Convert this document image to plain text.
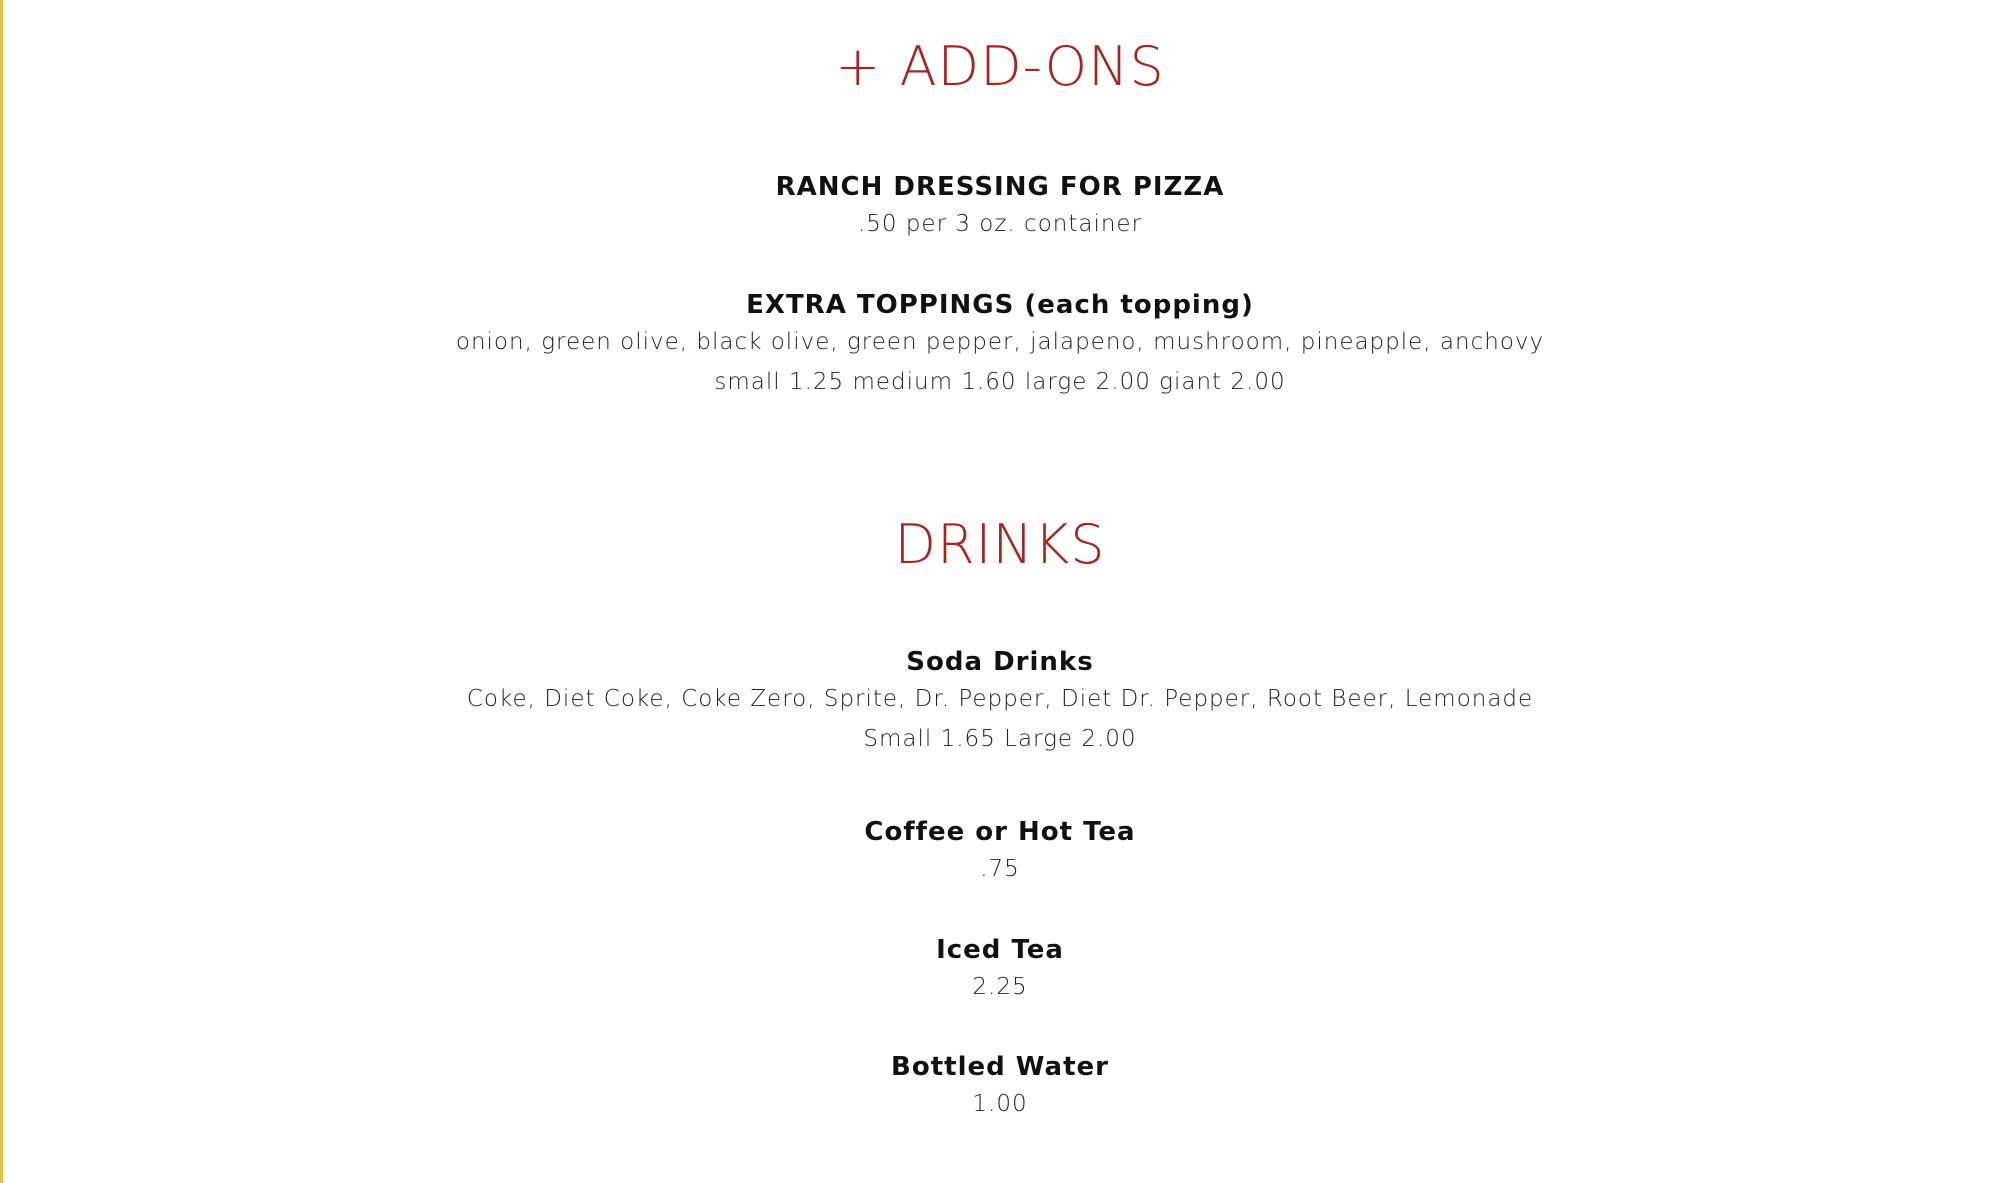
+ ADD-ONS
RANCH DRESSING FOR PIZZA
.50 per 3 oz. container
EXTRA TOPPINGS (each topping)
onion, green olive, black olive, green pepper, jalapeno, mushroom, pineapple, anchovy
small 1.25 medium 1.60 large 2.00 giant 2.00
DRINKS
Soda Drinks
Coke, Diet Coke, Coke Zero, Sprite, Dr. Pepper, Diet Dr. Pepper, Root Beer, Lemonade
Small 1.65 Large 2.00
Coffee or Hot Tea
.75
Iced Tea
2.25
Bottled Water
1.00
